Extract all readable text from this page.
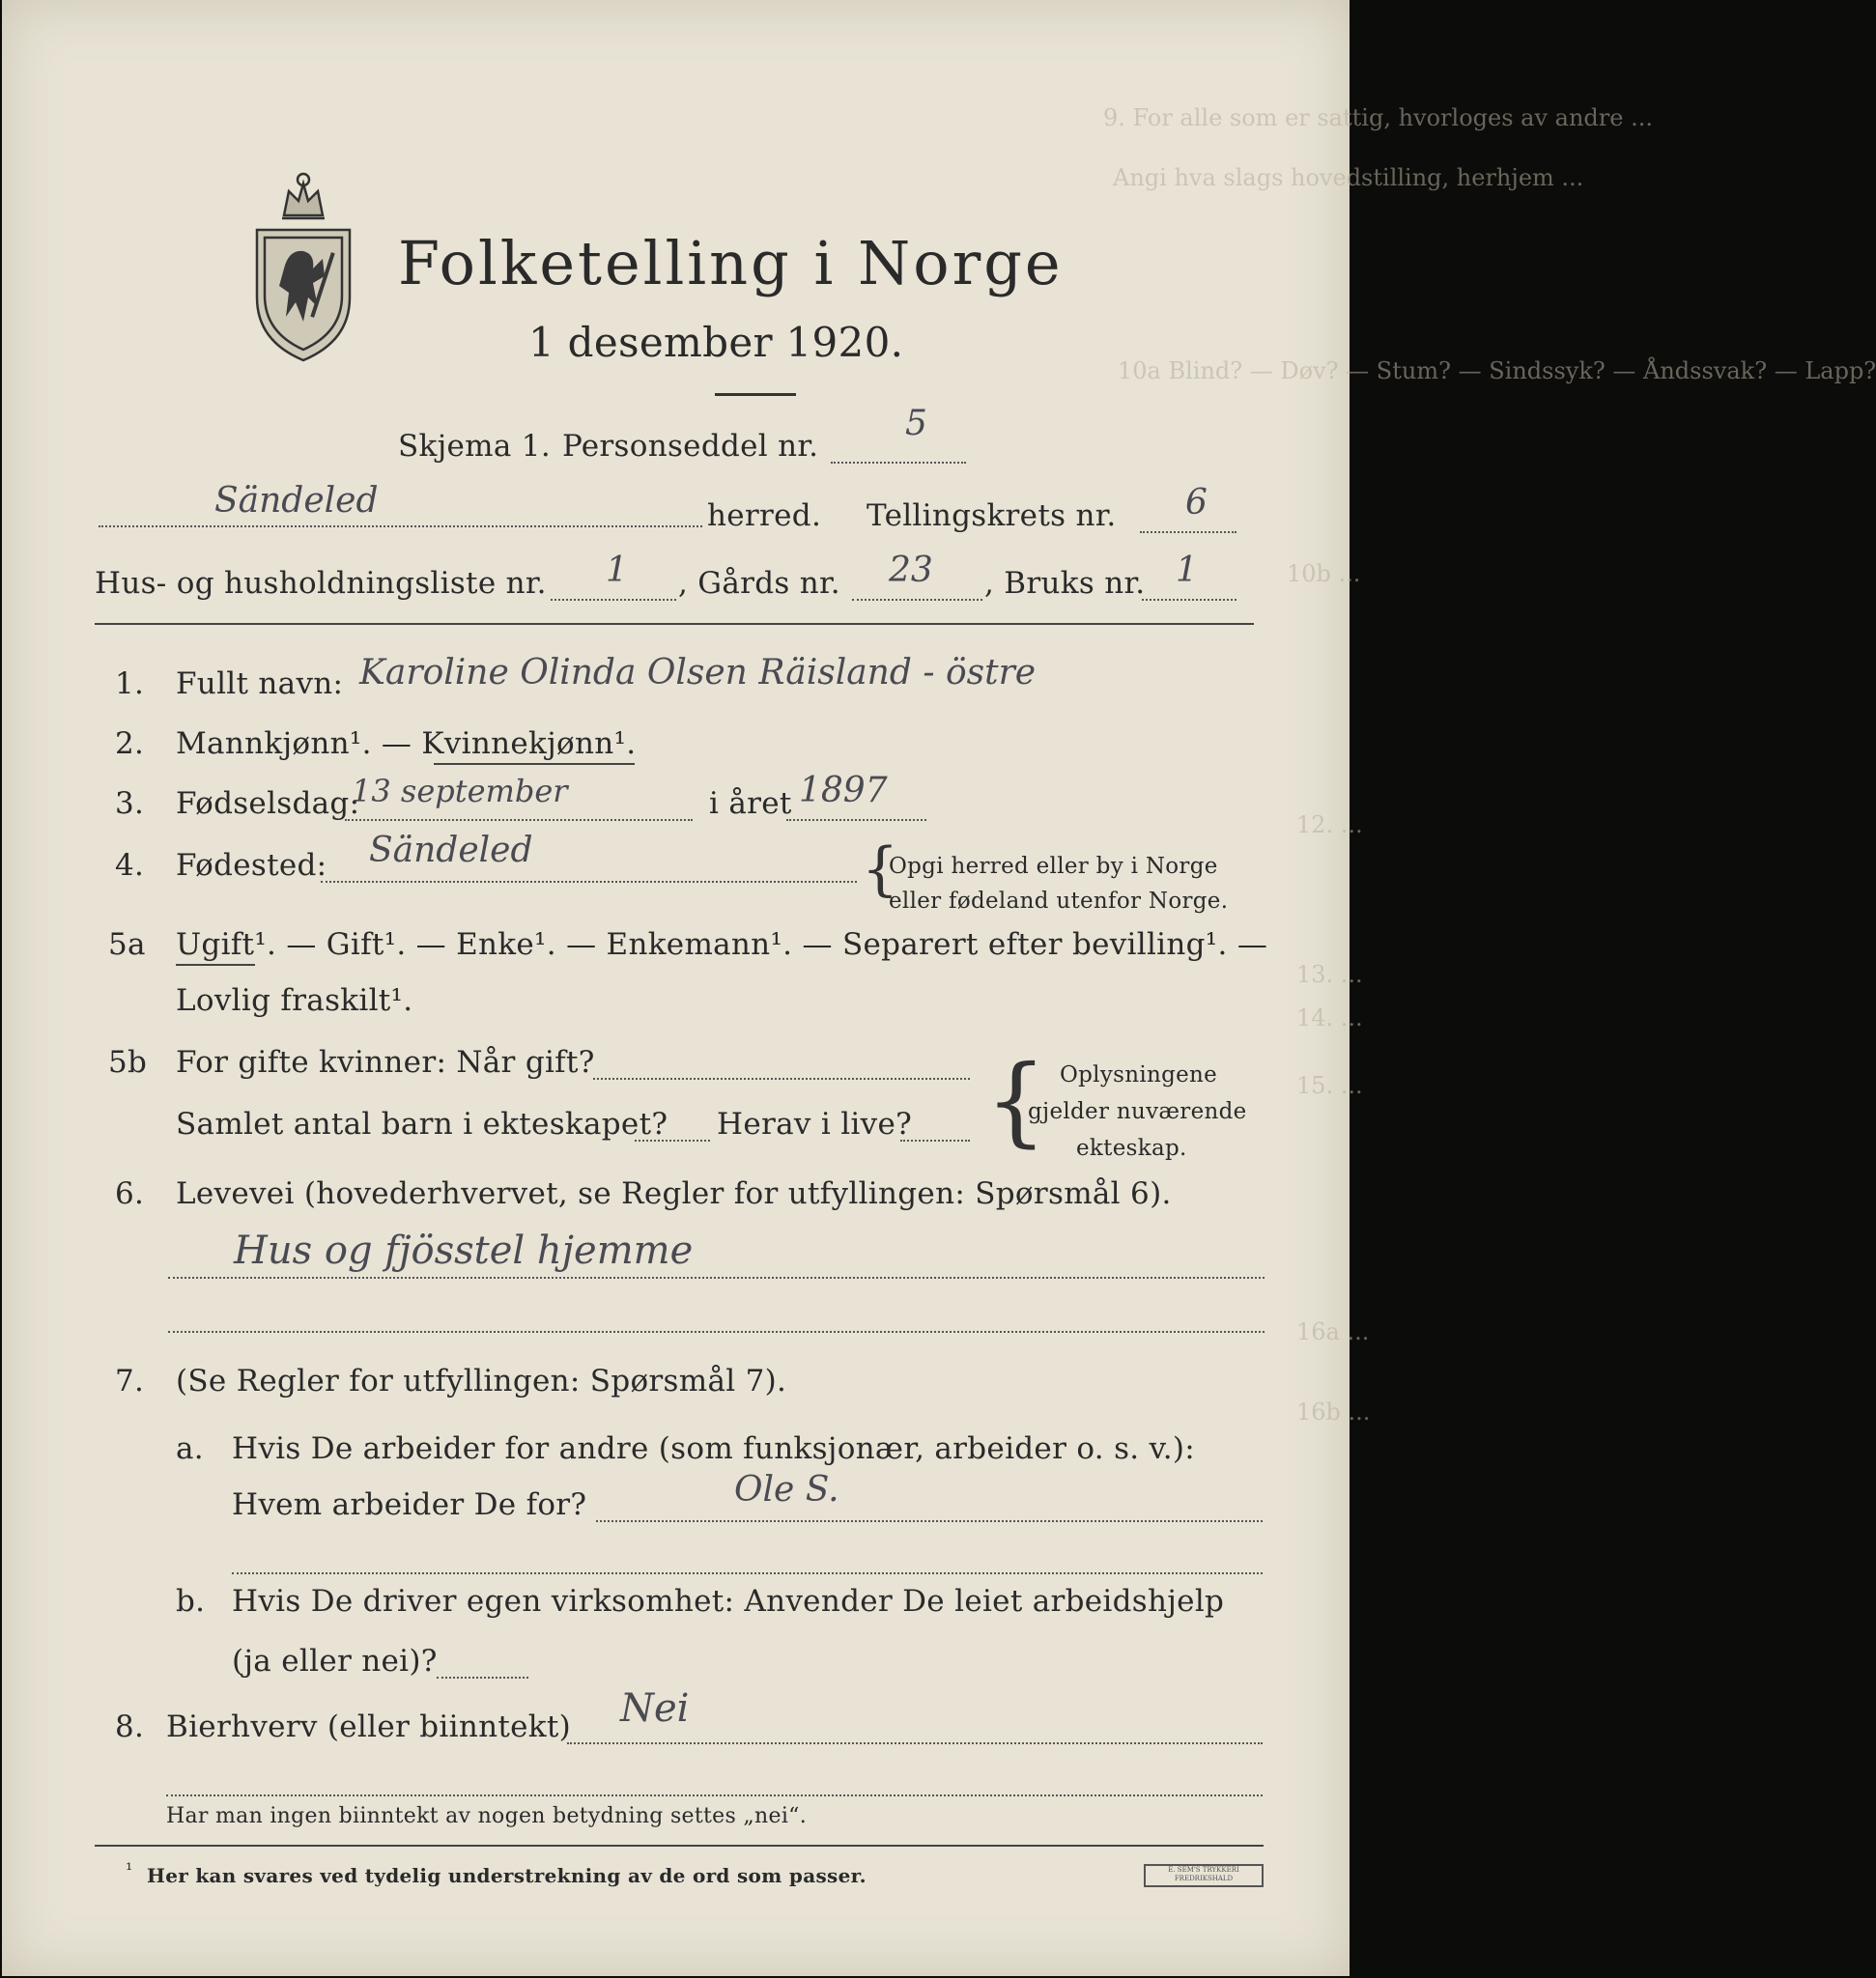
9. For alle som er sattig, hvorloges av andre ...
Angi hva slags hovedstilling, herhjem ...
10a Blind? — Døv? — Stum? — Sindssyk? — Åndssvak? — Lapp?
10b ...
12. ...
13. ...
14. ...
15. ...
16a ...
16b ...
Folketelling i Norge
1 desember 1920.
Skjema 1. Personseddel nr.
5
Sändeled	herred. Tellingskrets nr. 6
Hus- og husholdningsliste nr. 1 , Gårds nr. 23 , Bruks nr. 1
1. Fullt navn: Karoline Olinda Olsen Räisland - östre
2. Mannkjønn¹. — Kvinnekjønn¹.
3. Fødselsdag:
13 september	i året 1897
4. Fødested: Sändeled	{
Opgi herred eller by i Norge
eller fødeland utenfor Norge.
5a Ugift¹. — Gift¹. — Enke¹. — Enkemann¹. — Separert efter bevilling¹. —
Lovlig fraskilt¹.
5b For gifte kvinner: Når gift?
Samlet antal barn i ekteskapet? Herav i live? { Oplysningene
gjelder nuværende
ekteskap.
6. Levevei (hovederhvervet, se Regler for utfyllingen: Spørsmål 6).
Hus og fjösstel hjemme
7. (Se Regler for utfyllingen: Spørsmål 7).
a. Hvis De arbeider for andre (som funksjonær, arbeider o. s. v.):
Hvem arbeider De for?	Ole S.
b. Hvis De driver egen virksomhet: Anvender De leiet arbeidshjelp
(ja eller nei)?
8. Bierhverv (eller biinntekt) Nei
Har man ingen biinntekt av nogen betydning settes „nei“.
¹ Her kan svares ved tydelig understrekning av de ord som passer.	E. SEM'S TRYKKERI
FREDRIKSHALD
